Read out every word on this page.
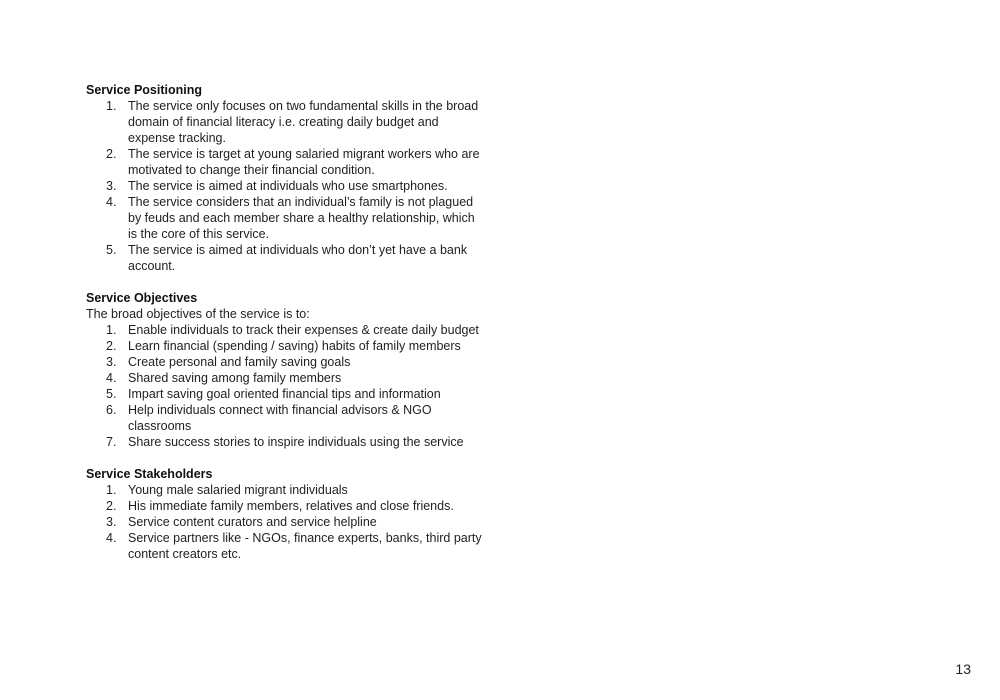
Service Positioning
1. The service only focuses on two fundamental skills in the broad domain of financial literacy i.e. creating daily budget and expense tracking.
2. The service is target at young salaried migrant workers who are motivated to change their financial condition.
3. The service is aimed at individuals who use smartphones.
4. The service considers that an individual’s family is not plagued by feuds and each member share a healthy relationship, which is the core of this service.
5. The service is aimed at individuals who don’t yet have a bank account.
Service Objectives
The broad objectives of the service is to:
1. Enable individuals to track their expenses & create daily budget
2. Learn financial (spending / saving) habits of family members
3. Create personal and family saving goals
4. Shared saving among family members
5. Impart saving goal oriented financial tips and information
6. Help individuals connect with financial advisors & NGO classrooms
7. Share success stories to inspire individuals using the service
Service Stakeholders
1. Young male salaried migrant individuals
2. His immediate family members, relatives and close friends.
3. Service content curators and service helpline
4. Service partners like - NGOs, finance experts, banks, third party content creators etc.
13
